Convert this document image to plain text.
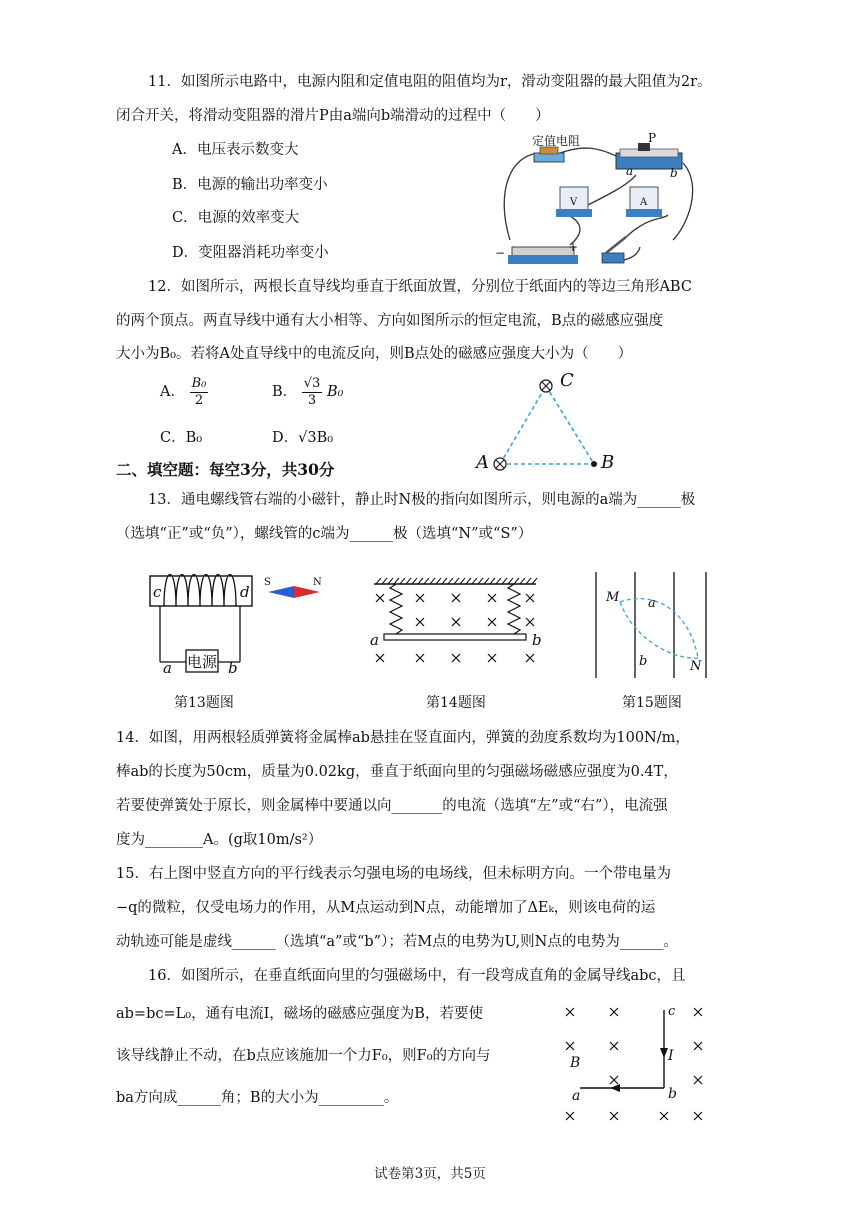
11．如图所示电路中，电源内阻和定值电阻的阻值均为r，滑动变阻器的最大阻值为2r。
闭合开关，将滑动变阻器的滑片P由a端向b端滑动的过程中（　　）
A．电压表示数变大
B．电源的输出功率变小
C．电源的效率变大
D．变阻器消耗功率变小
定值电阻	P
a	b
V	A
−	+
12．如图所示，两根长直导线均垂直于纸面放置，分别位于纸面内的等边三角形ABC
的两个顶点。两直导线中通有大小相等、方向如图所示的恒定电流，B点的磁感应强度
大小为B₀。若将A处直导线中的电流反向，则B点处的磁感应强度大小为（　　）
A． $\frac{\text{B₀}}{2}$	B． $\frac{√3}{3} B_0$
C．B₀	D．√3B₀
C
A	B
二、填空题：每空3分，共30分
13．通电螺线管右端的小磁针，静止时N极的指向如图所示，则电源的a端为______极
（选填“正”或“负”），螺线管的c端为______极（选填“N”或“S”）
c	d
S	N
电源
a	b
a	b
M
N
a
b
第13题图	第14题图	第15题图
14．如图，用两根轻质弹簧将金属棒ab悬挂在竖直面内，弹簧的劲度系数均为100N/m，
棒ab的长度为50cm，质量为0.02kg，垂直于纸面向里的匀强磁场磁感应强度为0.4T，
若要使弹簧处于原长，则金属棒中要通以向_______的电流（选填“左”或“右”），电流强
度为________A。(g取10m/s²）
15．右上图中竖直方向的平行线表示匀强电场的电场线，但未标明方向。一个带电量为
−q的微粒，仅受电场力的作用，从M点运动到N点，动能增加了ΔEₖ，则该电荷的运
动轨迹可能是虚线______（选填“a”或“b”）；若M点的电势为U,则N点的电势为______。
16．如图所示，在垂直纸面向里的匀强磁场中，有一段弯成直角的金属导线abc，且
ab=bc=L₀，通有电流I，磁场的磁感应强度为B，若要使
该导线静止不动，在b点应该施加一个力F₀，则F₀的方向与
ba方向成______角；B的大小为_________。
c
I
B
a	b
试卷第3页，共5页
